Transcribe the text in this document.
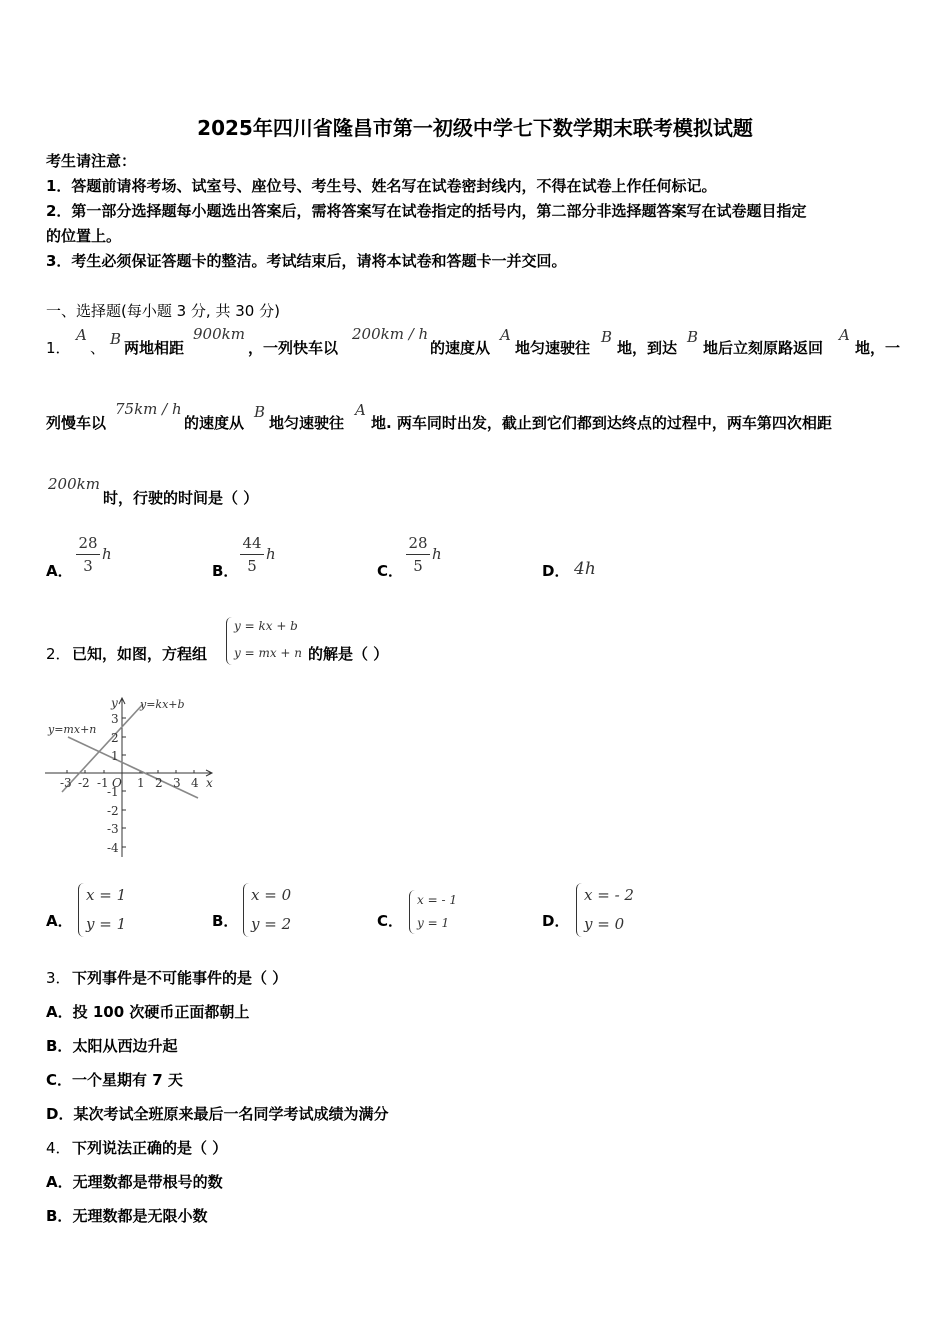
2025年四川省隆昌市第一初级中学七下数学期末联考模拟试题
考生请注意：
1．答题前请将考场、试室号、座位号、考生号、姓名写在试卷密封线内，不得在试卷上作任何标记。
2．第一部分选择题每小题选出答案后，需将答案写在试卷指定的括号内，第二部分非选择题答案写在试卷题目指定
的位置上。
3．考生必须保证答题卡的整洁。考试结束后，请将本试卷和答题卡一并交回。
一、选择题(每小题 3 分, 共 30 分)
1．
A
、 B 两地相距
900km
，一列快车以
200km / h
的速度从
A
地匀速驶往
B
地，到达
B
地后立刻原路返回
A
地，一
列慢车以
75km / h
的速度从
B
地匀速驶往
A
地. 两车同时出发，截止到它们都到达终点的过程中，两车第四次相距
200km
时，行驶的时间是（ ）
A．
28
3
h
B．
44
5
h
C．
28
5
h
D． 4h
2． 已知，如图，方程组
y = kx + b
y = mx + n 的解是（ ）
y=kx+b
y=mx+n
x
y
O
-3 -2 -1 1 2 3 4
3
2
1
-1
-2
-3
-4
A．
x = 1
y = 1	B．
x = 0
y = 2	C．
x = - 1
y = 1	D．
x = - 2
y = 0
3． 下列事件是不可能事件的是（ ）
A．投 100 次硬币正面都朝上
B．太阳从西边升起
C．一个星期有 7 天
D．某次考试全班原来最后一名同学考试成绩为满分
4． 下列说法正确的是（ ）
A．无理数都是带根号的数
B．无理数都是无限小数
